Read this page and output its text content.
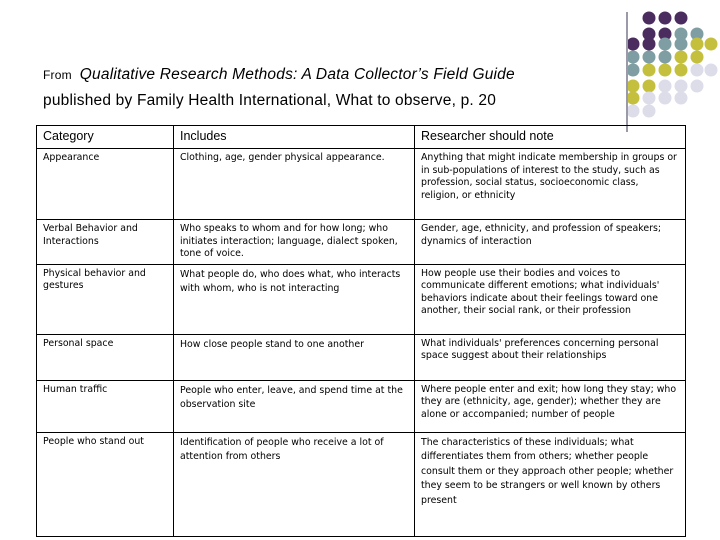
From Qualitative Research Methods: A Data Collector’s Field Guide
published by Family Health International, What to observe, p. 20
Category	Includes	Researcher should note
Appearance	Clothing, age, gender physical appearance.	Anything that might indicate membership in groups or in sub-populations of interest to the study, such as profession, social status, socioeconomic class, religion, or ethnicity
Verbal Behavior and Interactions	Who speaks to whom and for how long; who initiates interaction; language, dialect spoken, tone of voice.	Gender, age, ethnicity, and profession of speakers; dynamics of interaction
Physical behavior and gestures	What people do, who does what, who interacts with whom, who is not interacting	How people use their bodies and voices to communicate different emotions; what individuals' behaviors indicate about their feelings toward one another, their social rank, or their profession
Personal space	How close people stand to one another	What individuals' preferences concerning personal space suggest about their relationships
Human traffic	People who enter, leave, and spend time at the observation site	Where people enter and exit; how long they stay; who they are (ethnicity, age, gender); whether they are alone or accompanied; number of people
People who stand out	Identification of people who receive a lot of attention from others	The characteristics of these individuals; what differentiates them from others; whether people consult them or they approach other people; whether they seem to be strangers or well known by others present
